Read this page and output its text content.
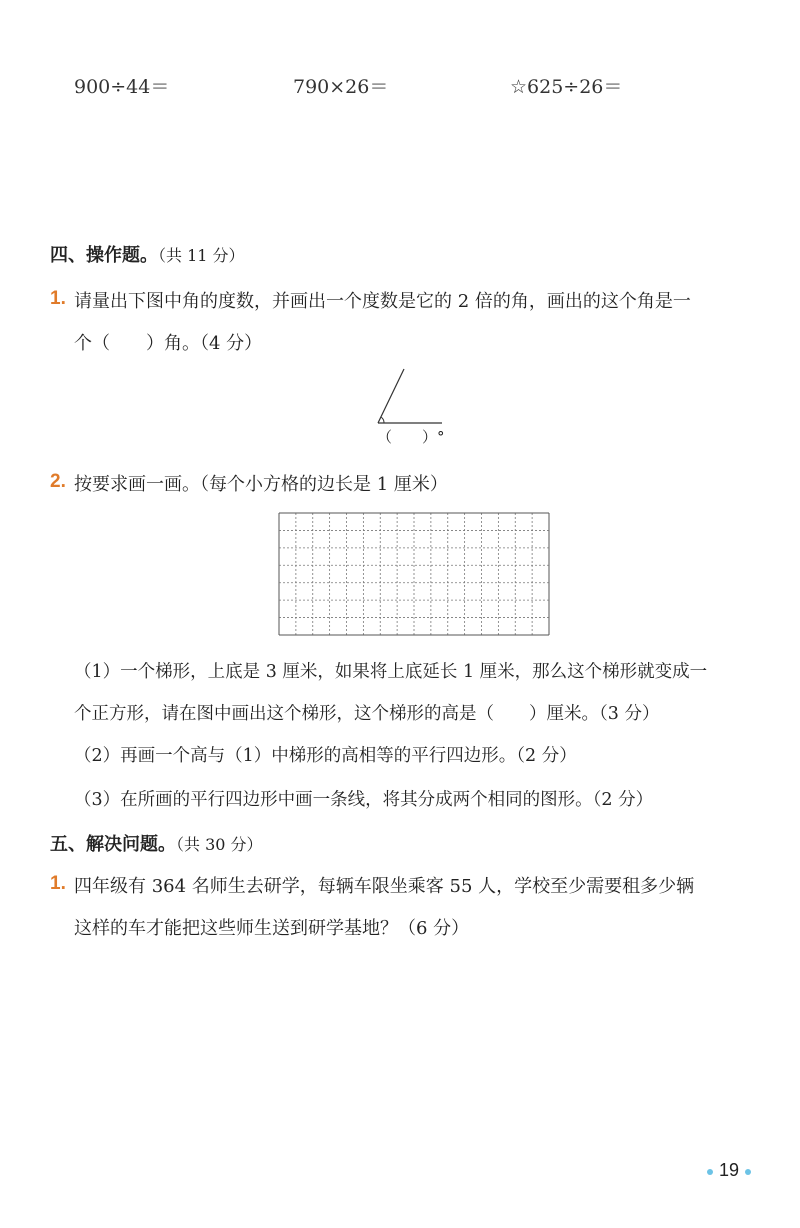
900÷44＝	790×26＝	☆625÷26＝
四、操作题。（共 11 分）
1. 请量出下图中角的度数，并画出一个度数是它的 2 倍的角，画出的这个角是一
个（　　）角。（4 分）
（　　）°
2. 按要求画一画。（每个小方格的边长是 1 厘米）
（1）一个梯形，上底是 3 厘米，如果将上底延长 1 厘米，那么这个梯形就变成一
个正方形，请在图中画出这个梯形，这个梯形的高是（　　）厘米。（3 分）
（2）再画一个高与（1）中梯形的高相等的平行四边形。（2 分）
（3）在所画的平行四边形中画一条线，将其分成两个相同的图形。（2 分）
五、解决问题。（共 30 分）
1. 四年级有 364 名师生去研学，每辆车限坐乘客 55 人，学校至少需要租多少辆
这样的车才能把这些师生送到研学基地？（6 分）
19
